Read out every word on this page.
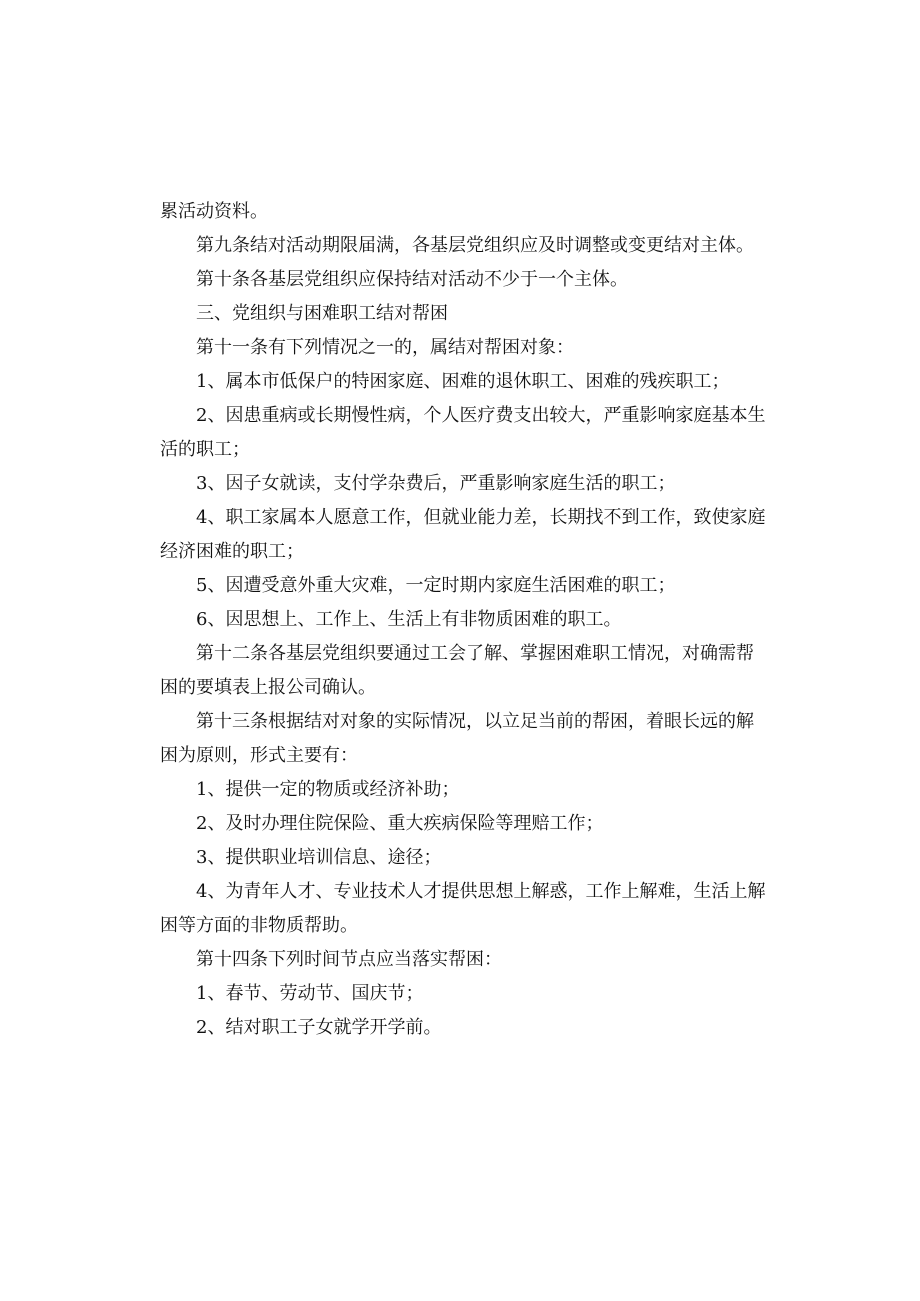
累活动资料。

第九条结对活动期限届满，各基层党组织应及时调整或变更结对主体。

第十条各基层党组织应保持结对活动不少于一个主体。

三、党组织与困难职工结对帮困

第十一条有下列情况之一的，属结对帮困对象：

1、属本市低保户的特困家庭、困难的退休职工、困难的残疾职工；

2、因患重病或长期慢性病，个人医疗费支出较大，严重影响家庭基本生活的职工；

3、因子女就读，支付学杂费后，严重影响家庭生活的职工；

4、职工家属本人愿意工作，但就业能力差，长期找不到工作，致使家庭经济困难的职工；

5、因遭受意外重大灾难，一定时期内家庭生活困难的职工；

6、因思想上、工作上、生活上有非物质困难的职工。

第十二条各基层党组织要通过工会了解、掌握困难职工情况，对确需帮困的要填表上报公司确认。

第十三条根据结对对象的实际情况，以立足当前的帮困，着眼长远的解困为原则，形式主要有：

1、提供一定的物质或经济补助；

2、及时办理住院保险、重大疾病保险等理赔工作；

3、提供职业培训信息、途径；

4、为青年人才、专业技术人才提供思想上解惑，工作上解难，生活上解困等方面的非物质帮助。

第十四条下列时间节点应当落实帮困：

1、春节、劳动节、国庆节；

2、结对职工子女就学开学前。
